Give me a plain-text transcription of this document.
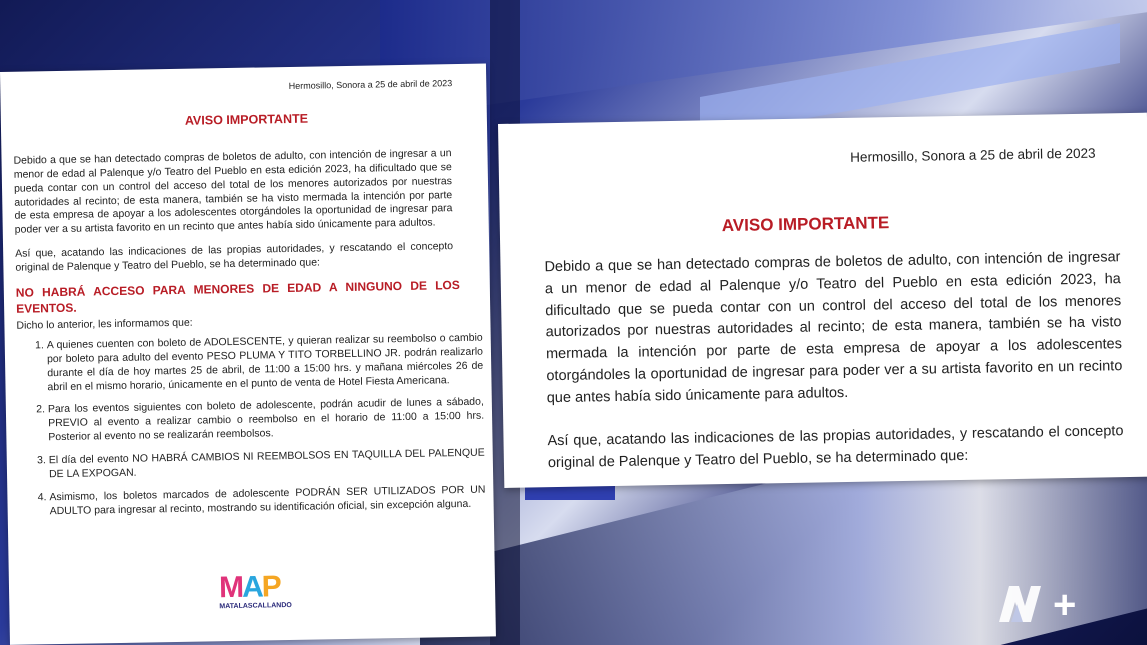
Hermosillo, Sonora a 25 de abril de 2023
AVISO IMPORTANTE

Debido a que se han detectado compras de boletos de adulto, con intención de ingresar a un menor de edad al Palenque y/o Teatro del Pueblo en esta edición 2023, ha dificultado que se pueda contar con un control del acceso del total de los menores autorizados por nuestras autoridades al recinto; de esta manera, también se ha visto mermada la intención por parte de esta empresa de apoyar a los adolescentes otorgándoles la oportunidad de ingresar para poder ver a su artista favorito en un recinto que antes había sido únicamente para adultos.

Así que, acatando las indicaciones de las propias autoridades, y rescatando el concepto original de Palenque y Teatro del Pueblo, se ha determinado que:

NO HABRÁ ACCESO PARA MENORES DE EDAD A NINGUNO DE LOS EVENTOS.

Dicho lo anterior, les informamos que:

1. A quienes cuenten con boleto de ADOLESCENTE, y quieran realizar su reembolso o cambio por boleto para adulto del evento PESO PLUMA Y TITO TORBELLINO JR. podrán realizarlo durante el día de hoy martes 25 de abril, de 11:00 a 15:00 hrs. y mañana miércoles 26 de abril en el mismo horario, únicamente en el punto de venta de Hotel Fiesta Americana.
2. Para los eventos siguientes con boleto de adolescente, podrán acudir de lunes a sábado, PREVIO al evento a realizar cambio o reembolso en el horario de 11:00 a 15:00 hrs. Posterior al evento no se realizarán reembolsos.
3. El día del evento NO HABRÁ CAMBIOS NI REEMBOLSOS EN TAQUILLA DEL PALENQUE DE LA EXPOGAN.
4. Asimismo, los boletos marcados de adolescente PODRÁN SER UTILIZADOS POR UN ADULTO para ingresar al recinto, mostrando su identificación oficial, sin excepción alguna.
MAP
MATALASCALLANDO
Hermosillo, Sonora a 25 de abril de 2023
AVISO IMPORTANTE

Debido a que se han detectado compras de boletos de adulto, con intención de ingresar a un menor de edad al Palenque y/o Teatro del Pueblo en esta edición 2023, ha dificultado que se pueda contar con un control del acceso del total de los menores autorizados por nuestras autoridades al recinto; de esta manera, también se ha visto mermada la intención por parte de esta empresa de apoyar a los adolescentes otorgándoles la oportunidad de ingresar para poder ver a su artista favorito en un recinto que antes había sido únicamente para adultos.

Así que, acatando las indicaciones de las propias autoridades, y rescatando el concepto original de Palenque y Teatro del Pueblo, se ha determinado que:

+
